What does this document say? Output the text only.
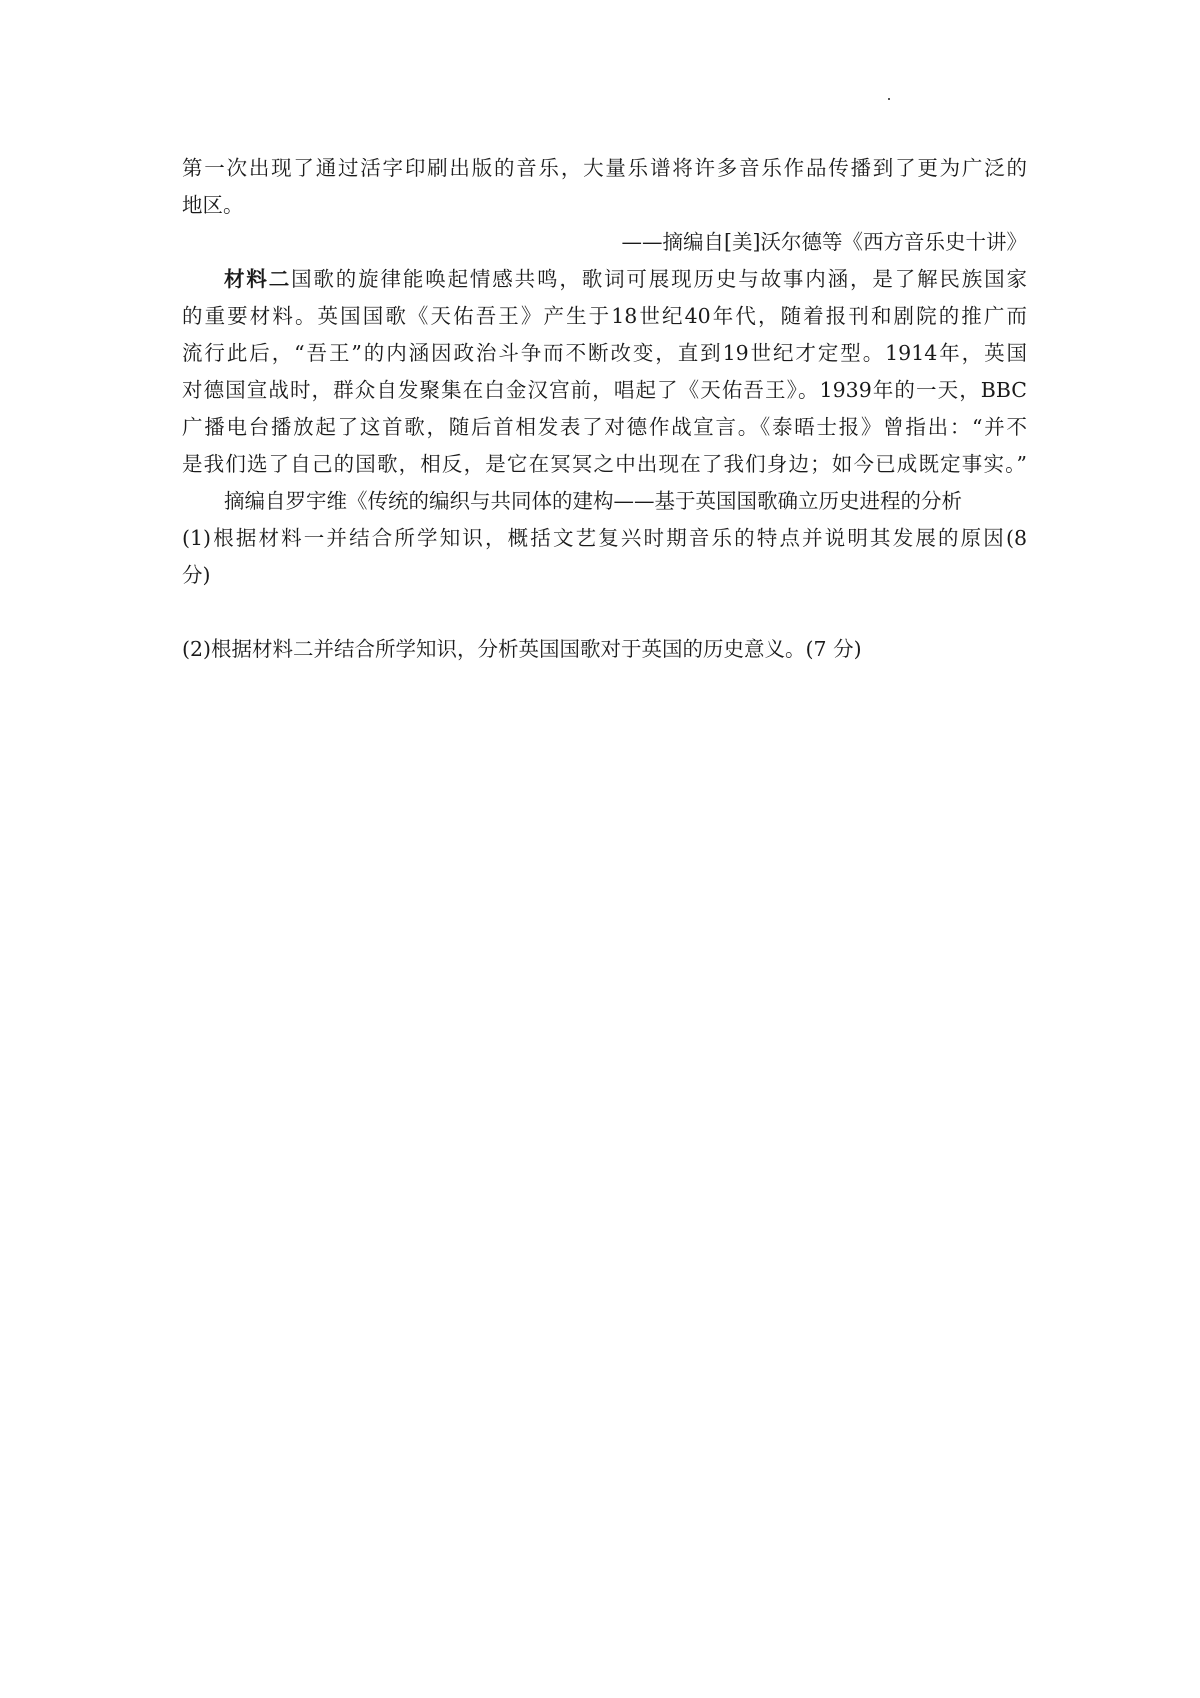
第一次出现了通过活字印刷出版的音乐，大量乐谱将许多音乐作品传播到了更为广泛的
地区。
——摘编自[美]沃尔德等《西方音乐史十讲》
材料二国歌的旋律能唤起情感共鸣，歌词可展现历史与故事内涵，是了解民族国家
的重要材料。英国国歌《天佑吾王》产生于18世纪40年代，随着报刊和剧院的推广而
流行此后，“吾王”的内涵因政治斗争而不断改变，直到19世纪才定型。1914年，英国
对德国宣战时，群众自发聚集在白金汉宫前，唱起了《天佑吾王》。1939年的一天，BBC
广播电台播放起了这首歌，随后首相发表了对德作战宣言。《泰晤士报》曾指出：“并不
是我们选了自己的国歌，相反，是它在冥冥之中出现在了我们身边；如今已成既定事实。”
摘编自罗宇维《传统的编织与共同体的建构——基于英国国歌确立历史进程的分析
(1)根据材料一并结合所学知识，概括文艺复兴时期音乐的特点并说明其发展的原因(8
分)
(2)根据材料二并结合所学知识，分析英国国歌对于英国的历史意义。(7 分)
